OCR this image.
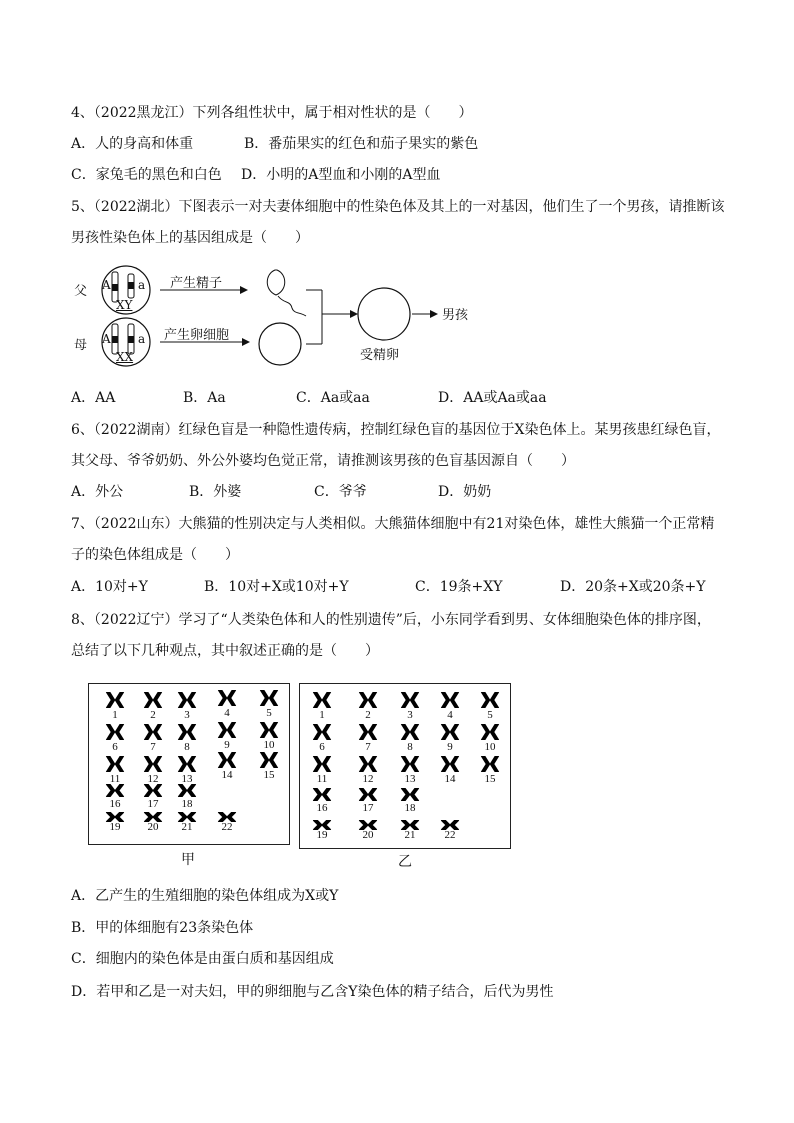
4、（2022黑龙江）下列各组性状中，属于相对性状的是（　　）
A．人的身高和体重	B．番茄果实的红色和茄子果实的紫色
C．家兔毛的黑色和白色 D．小明的A型血和小刚的A型血
5、（2022湖北）下图表示一对夫妻体细胞中的性染色体及其上的一对基因，他们生了一个男孩，请推断该
男孩性染色体上的基因组成是（　　）
父
母
A a
XY
A a
XX
产生精子
产生卵细胞
受精卵
男孩
A．AA	B．Aa	C．Aa或aa	D．AA或Aa或aa
6、（2022湖南）红绿色盲是一种隐性遗传病，控制红绿色盲的基因位于X染色体上。某男孩患红绿色盲，
其父母、爷爷奶奶、外公外婆均色觉正常，请推测该男孩的色盲基因源自（　　）
A．外公	B．外婆	C．爷爷	D．奶奶
7、（2022山东）大熊猫的性别决定与人类相似。大熊猫体细胞中有21对染色体，雄性大熊猫一个正常精
子的染色体组成是（　　）
A．10对+Y	B．10对+X或10对+Y	C．19条+XY	D．20条+X或20条+Y
8、（2022辽宁）学习了“人类染色体和人的性别遗传”后，小东同学看到男、女体细胞染色体的排序图，
总结了以下几种观点，其中叙述正确的是（　　）
1	2	3	4	5
6	7	8	9	10
11	12	13	14	15
16	17	18
19	20	21	22
1	2	3	4	5
6	7	8	9	10
11	12	13	14	15
16	17	18
19	20	21	22
甲	乙
A．乙产生的生殖细胞的染色体组成为X或Y
B．甲的体细胞有23条染色体
C．细胞内的染色体是由蛋白质和基因组成
D．若甲和乙是一对夫妇，甲的卵细胞与乙含Y染色体的精子结合，后代为男性
